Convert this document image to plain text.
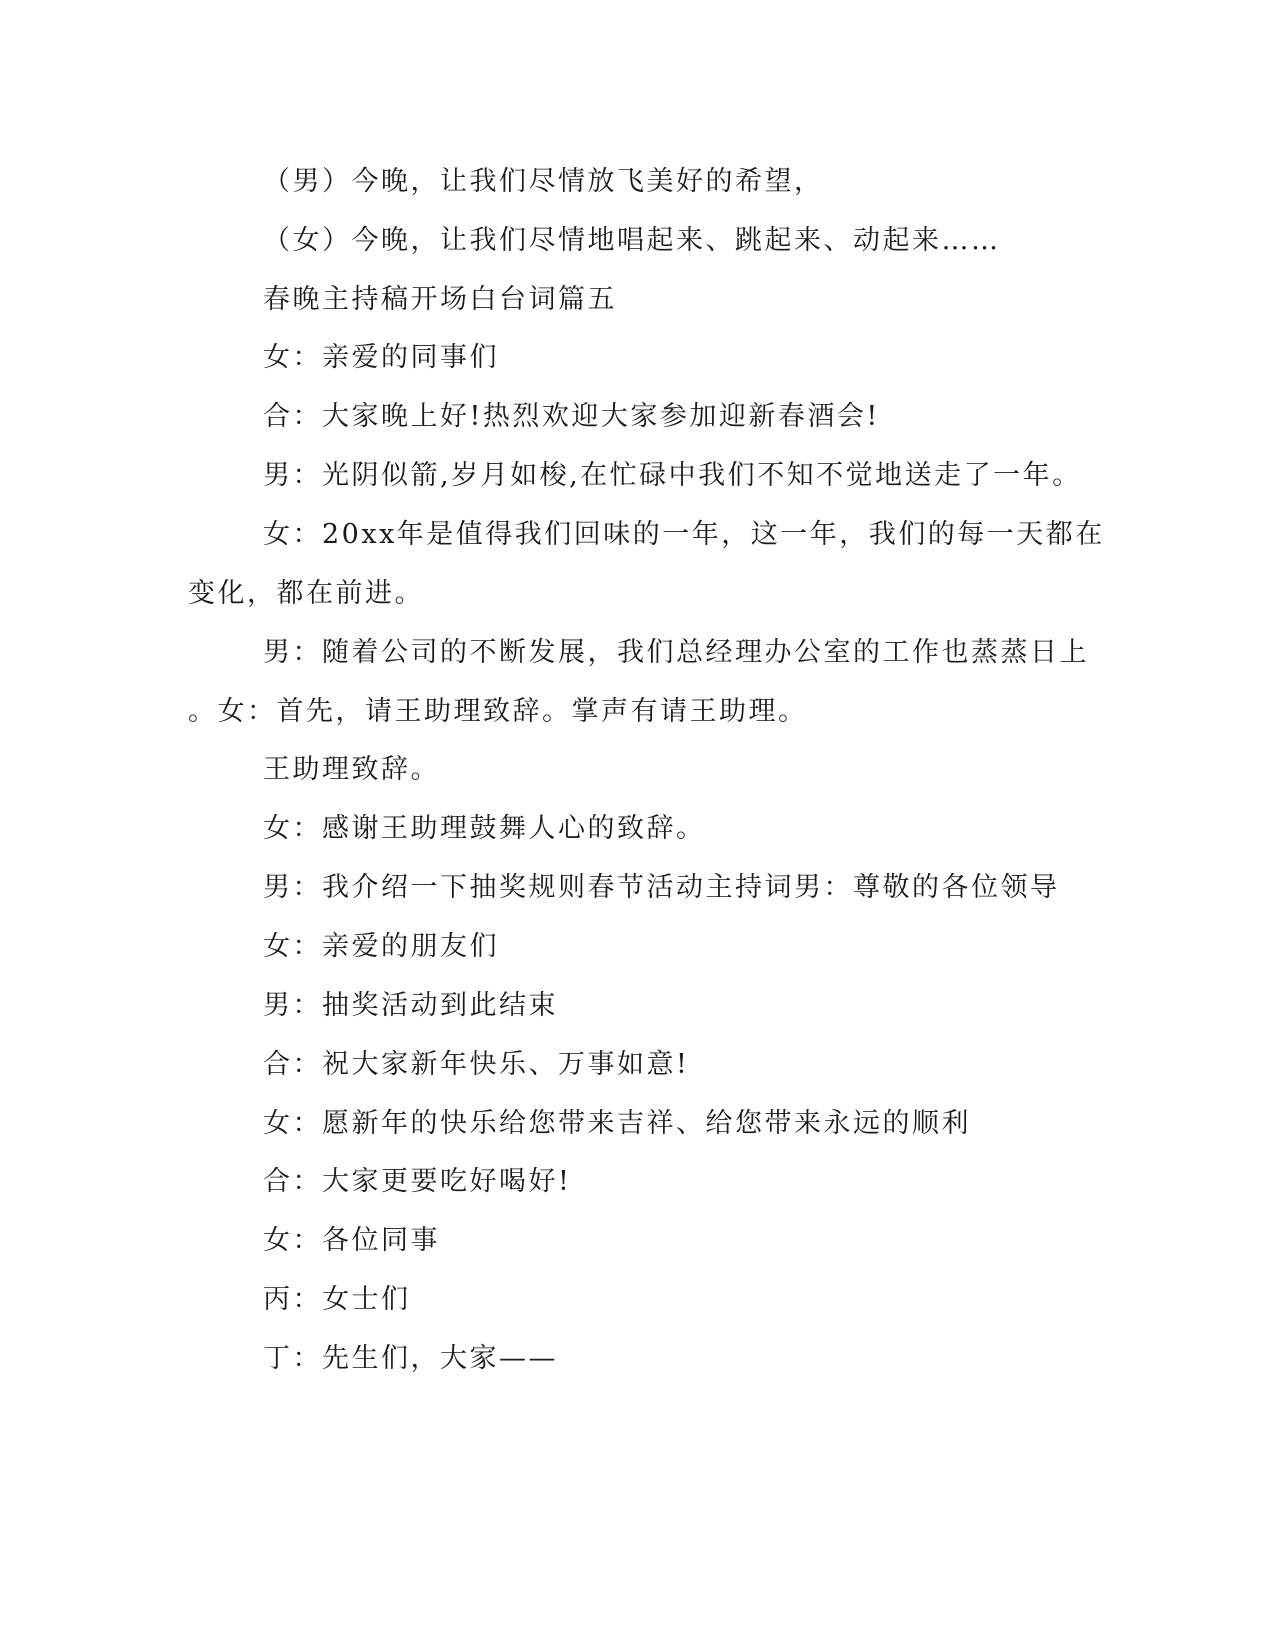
（男）今晚，让我们尽情放飞美好的希望，
（女）今晚，让我们尽情地唱起来、跳起来、动起来……
春晚主持稿开场白台词篇五
女：亲爱的同事们
合：大家晚上好!热烈欢迎大家参加迎新春酒会!
男：光阴似箭,岁月如梭,在忙碌中我们不知不觉地送走了一年。
女：20xx年是值得我们回味的一年，这一年，我们的每一天都在
变化，都在前进。
男：随着公司的不断发展，我们总经理办公室的工作也蒸蒸日上
。女：首先，请王助理致辞。掌声有请王助理。
王助理致辞。
女：感谢王助理鼓舞人心的致辞。
男：我介绍一下抽奖规则春节活动主持词男：尊敬的各位领导
女：亲爱的朋友们
男：抽奖活动到此结束
合：祝大家新年快乐、万事如意!
女：愿新年的快乐给您带来吉祥、给您带来永远的顺利
合：大家更要吃好喝好!
女：各位同事
丙：女士们
丁：先生们，大家——
